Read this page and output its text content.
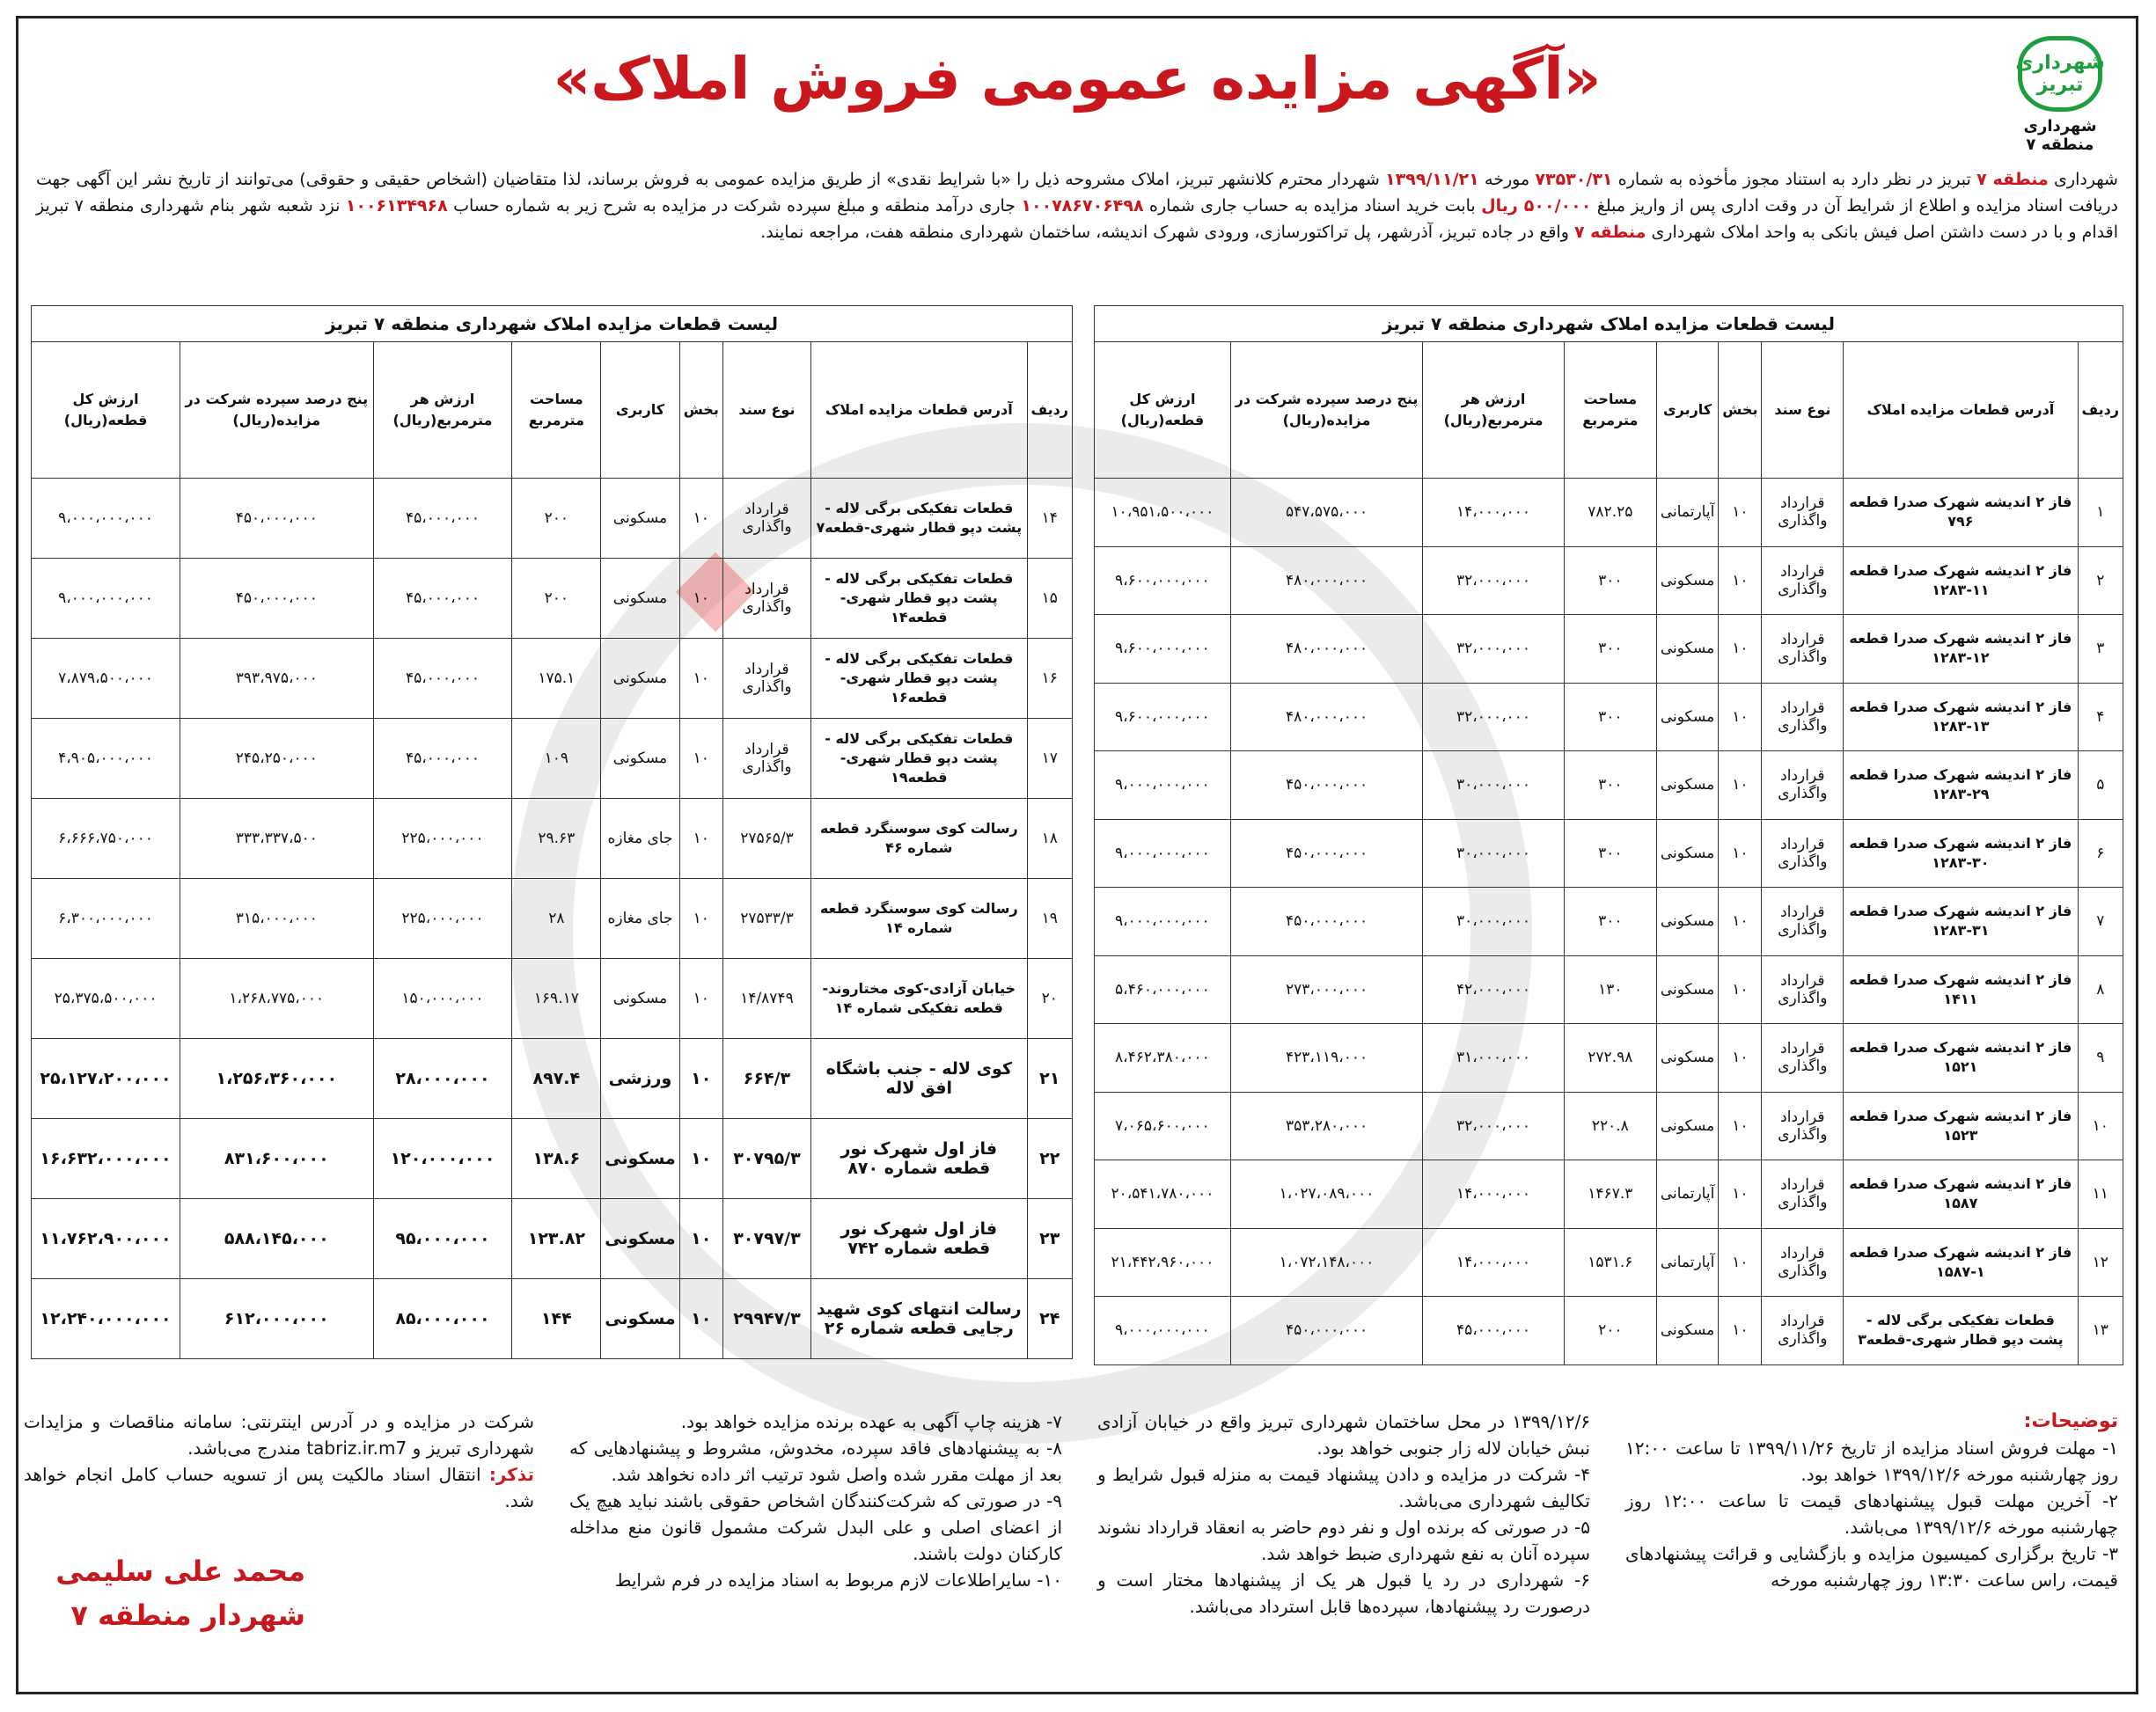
شهرداری تبریز
شهرداری منطقه ۷
«آگهی مزایده عمومی فروش املاک»
شهرداری منطقه ۷ تبریز در نظر دارد به استناد مجوز مأخوذه به شماره ۷۳۵۳۰/۳۱ مورخه ۱۳۹۹/۱۱/۲۱ شهردار محترم کلانشهر تبریز، املاک مشروحه ذیل را «با شرایط نقدی» از طریق مزایده عمومی به فروش برساند، لذا متقاضیان (اشخاص حقیقی و حقوقی) می‌توانند از تاریخ نشر این آگهی جهت دریافت اسناد مزایده و اطلاع از شرایط آن در وقت اداری پس از واریز مبلغ ۵۰۰/۰۰۰ ریال بابت خرید اسناد مزایده به حساب جاری شماره ۱۰۰۷۸۶۷۰۶۴۹۸ جاری درآمد منطقه و مبلغ سپرده شرکت در مزایده به شرح زیر به شماره حساب ۱۰۰۶۱۳۴۹۶۸ نزد شعبه شهر بنام شهرداری منطقه ۷ تبریز اقدام و با در دست داشتن اصل فیش بانکی به واحد املاک شهرداری منطقه ۷ واقع در جاده تبریز، آذرشهر، پل تراکتورسازی، ورودی شهرک اندیشه، ساختمان شهرداری منطقه هفت، مراجعه نمایند.
لیست قطعات مزایده املاک شهرداری منطقه ۷ تبریز
ردیف	آدرس قطعات مزایده املاک	نوع سند	بخش	کاربری	مساحت مترمربع	ارزش هر مترمربع(ریال)	پنج درصد سپرده شرکت در مزایده(ریال)	ارزش کل قطعه(ریال)
۱	فاز ۲ اندیشه شهرک صدرا قطعه ۷۹۶	قرارداد واگذاری	۱۰	آپارتمانی	۷۸۲.۲۵	۱۴،۰۰۰،۰۰۰	۵۴۷،۵۷۵،۰۰۰	۱۰،۹۵۱،۵۰۰،۰۰۰
۲	فاز ۲ اندیشه شهرک صدرا قطعه ۱۱-۱۲۸۳	قرارداد واگذاری	۱۰	مسکونی	۳۰۰	۳۲،۰۰۰،۰۰۰	۴۸۰،۰۰۰،۰۰۰	۹،۶۰۰،۰۰۰،۰۰۰
۳	فاز ۲ اندیشه شهرک صدرا قطعه ۱۲-۱۲۸۳	قرارداد واگذاری	۱۰	مسکونی	۳۰۰	۳۲،۰۰۰،۰۰۰	۴۸۰،۰۰۰،۰۰۰	۹،۶۰۰،۰۰۰،۰۰۰
۴	فاز ۲ اندیشه شهرک صدرا قطعه ۱۳-۱۲۸۳	قرارداد واگذاری	۱۰	مسکونی	۳۰۰	۳۲،۰۰۰،۰۰۰	۴۸۰،۰۰۰،۰۰۰	۹،۶۰۰،۰۰۰،۰۰۰
۵	فاز ۲ اندیشه شهرک صدرا قطعه ۲۹-۱۲۸۳	قرارداد واگذاری	۱۰	مسکونی	۳۰۰	۳۰،۰۰۰،۰۰۰	۴۵۰،۰۰۰،۰۰۰	۹،۰۰۰،۰۰۰،۰۰۰
۶	فاز ۲ اندیشه شهرک صدرا قطعه ۳۰-۱۲۸۳	قرارداد واگذاری	۱۰	مسکونی	۳۰۰	۳۰،۰۰۰،۰۰۰	۴۵۰،۰۰۰،۰۰۰	۹،۰۰۰،۰۰۰،۰۰۰
۷	فاز ۲ اندیشه شهرک صدرا قطعه ۳۱-۱۲۸۳	قرارداد واگذاری	۱۰	مسکونی	۳۰۰	۳۰،۰۰۰،۰۰۰	۴۵۰،۰۰۰،۰۰۰	۹،۰۰۰،۰۰۰،۰۰۰
۸	فاز ۲ اندیشه شهرک صدرا قطعه ۱۴۱۱	قرارداد واگذاری	۱۰	مسکونی	۱۳۰	۴۲،۰۰۰،۰۰۰	۲۷۳،۰۰۰،۰۰۰	۵،۴۶۰،۰۰۰،۰۰۰
۹	فاز ۲ اندیشه شهرک صدرا قطعه ۱۵۲۱	قرارداد واگذاری	۱۰	مسکونی	۲۷۲.۹۸	۳۱،۰۰۰،۰۰۰	۴۲۳،۱۱۹،۰۰۰	۸،۴۶۲،۳۸۰،۰۰۰
۱۰	فاز ۲ اندیشه شهرک صدرا قطعه ۱۵۲۳	قرارداد واگذاری	۱۰	مسکونی	۲۲۰.۸	۳۲،۰۰۰،۰۰۰	۳۵۳،۲۸۰،۰۰۰	۷،۰۶۵،۶۰۰،۰۰۰
۱۱	فاز ۲ اندیشه شهرک صدرا قطعه ۱۵۸۷	قرارداد واگذاری	۱۰	آپارتمانی	۱۴۶۷.۳	۱۴،۰۰۰،۰۰۰	۱،۰۲۷،۰۸۹،۰۰۰	۲۰،۵۴۱،۷۸۰،۰۰۰
۱۲	فاز ۲ اندیشه شهرک صدرا قطعه ۱-۱۵۸۷	قرارداد واگذاری	۱۰	آپارتمانی	۱۵۳۱.۶	۱۴،۰۰۰،۰۰۰	۱،۰۷۲،۱۴۸،۰۰۰	۲۱،۴۴۲،۹۶۰،۰۰۰
۱۳	قطعات تفکیکی برگی لاله - پشت دپو قطار شهری-قطعه۳	قرارداد واگذاری	۱۰	مسکونی	۲۰۰	۴۵،۰۰۰،۰۰۰	۴۵۰،۰۰۰،۰۰۰	۹،۰۰۰،۰۰۰،۰۰۰
لیست قطعات مزایده املاک شهرداری منطقه ۷ تبریز
ردیف	آدرس قطعات مزایده املاک	نوع سند	بخش	کاربری	مساحت مترمربع	ارزش هر مترمربع(ریال)	پنج درصد سپرده شرکت در مزایده(ریال)	ارزش کل قطعه(ریال)
۱۴	قطعات تفکیکی برگی لاله - پشت دپو قطار شهری-قطعه۷	قرارداد واگذاری	۱۰	مسکونی	۲۰۰	۴۵،۰۰۰،۰۰۰	۴۵۰،۰۰۰،۰۰۰	۹،۰۰۰،۰۰۰،۰۰۰
۱۵	قطعات تفکیکی برگی لاله - پشت دپو قطار شهری-قطعه۱۴	قرارداد واگذاری	۱۰	مسکونی	۲۰۰	۴۵،۰۰۰،۰۰۰	۴۵۰،۰۰۰،۰۰۰	۹،۰۰۰،۰۰۰،۰۰۰
۱۶	قطعات تفکیکی برگی لاله - پشت دپو قطار شهری-قطعه۱۶	قرارداد واگذاری	۱۰	مسکونی	۱۷۵.۱	۴۵،۰۰۰،۰۰۰	۳۹۳،۹۷۵،۰۰۰	۷،۸۷۹،۵۰۰،۰۰۰
۱۷	قطعات تفکیکی برگی لاله - پشت دپو قطار شهری-قطعه۱۹	قرارداد واگذاری	۱۰	مسکونی	۱۰۹	۴۵،۰۰۰،۰۰۰	۲۴۵،۲۵۰،۰۰۰	۴،۹۰۵،۰۰۰،۰۰۰
۱۸	رسالت کوی سوسنگرد قطعه شماره ۴۶	۲۷۵۶۵/۳	۱۰	جای مغازه	۲۹.۶۳	۲۲۵،۰۰۰،۰۰۰	۳۳۳،۳۳۷،۵۰۰	۶،۶۶۶،۷۵۰،۰۰۰
۱۹	رسالت کوی سوسنگرد قطعه شماره ۱۴	۲۷۵۳۳/۳	۱۰	جای مغازه	۲۸	۲۲۵،۰۰۰،۰۰۰	۳۱۵،۰۰۰،۰۰۰	۶،۳۰۰،۰۰۰،۰۰۰
۲۰	خیابان آزادی-کوی مختاروند-قطعه تفکیکی شماره ۱۴	۱۴/۸۷۴۹	۱۰	مسکونی	۱۶۹.۱۷	۱۵۰،۰۰۰،۰۰۰	۱،۲۶۸،۷۷۵،۰۰۰	۲۵،۳۷۵،۵۰۰،۰۰۰
۲۱	کوی لاله - جنب باشگاه افق لاله	۶۶۴/۳	۱۰	ورزشی	۸۹۷.۴	۲۸،۰۰۰،۰۰۰	۱،۲۵۶،۳۶۰،۰۰۰	۲۵،۱۲۷،۲۰۰،۰۰۰
۲۲	فاز اول شهرک نور قطعه شماره ۸۷۰	۳۰۷۹۵/۳	۱۰	مسکونی	۱۳۸.۶	۱۲۰،۰۰۰،۰۰۰	۸۳۱،۶۰۰،۰۰۰	۱۶،۶۳۲،۰۰۰،۰۰۰
۲۳	فاز اول شهرک نور قطعه شماره ۷۴۲	۳۰۷۹۷/۳	۱۰	مسکونی	۱۲۳.۸۲	۹۵،۰۰۰،۰۰۰	۵۸۸،۱۴۵،۰۰۰	۱۱،۷۶۲،۹۰۰،۰۰۰
۲۴	رسالت انتهای کوی شهید رجایی قطعه شماره ۲۶	۲۹۹۴۷/۳	۱۰	مسکونی	۱۴۴	۸۵،۰۰۰،۰۰۰	۶۱۲،۰۰۰،۰۰۰	۱۲،۲۴۰،۰۰۰،۰۰۰

توضیحات:

۱- مهلت فروش اسناد مزایده از تاریخ ۱۳۹۹/۱۱/۲۶ تا ساعت ۱۲:۰۰ روز چهارشنبه مورخه ۱۳۹۹/۱۲/۶ خواهد بود.

۲- آخرین مهلت قبول پیشنهادهای قیمت تا ساعت ۱۲:۰۰ روز چهارشنبه مورخه ۱۳۹۹/۱۲/۶ می‌باشد.

۳- تاریخ برگزاری کمیسیون مزایده و بازگشایی و قرائت پیشنهادهای قیمت، راس ساعت ۱۳:۳۰ روز چهارشنبه مورخه

۱۳۹۹/۱۲/۶ در محل ساختمان شهرداری تبریز واقع در خیابان آزادی نبش خیابان لاله زار جنوبی خواهد بود.

۴- شرکت در مزایده و دادن پیشنهاد قیمت به منزله قبول شرایط و تکالیف شهرداری می‌باشد.

۵- در صورتی که برنده اول و نفر دوم حاضر به انعقاد قرارداد نشوند سپرده آنان به نفع شهرداری ضبط خواهد شد.

۶- شهرداری در رد یا قبول هر یک از پیشنهادها مختار است و درصورت رد پیشنهادها، سپرده‌ها قابل استرداد می‌باشد.

۷- هزینه چاپ آگهی به عهده برنده مزایده خواهد بود.

۸- به پیشنهادهای فاقد سپرده، مخدوش، مشروط و پیشنهادهایی که بعد از مهلت مقرر شده واصل شود ترتیب اثر داده نخواهد شد.

۹- در صورتی که شرکت‌کنندگان اشخاص حقوقی باشند نباید هیچ یک از اعضای اصلی و علی البدل شرکت مشمول قانون منع مداخله کارکنان دولت باشند.

۱۰- سایراطلاعات لازم مربوط به اسناد مزایده در فرم شرایط

شرکت در مزایده و در آدرس اینترنتی: سامانه مناقصات و مزایدات شهرداری تبریز و tabriz.ir.m7 مندرج می‌باشد.

تذکر: انتقال اسناد مالکیت پس از تسویه حساب کامل انجام خواهد شد.

محمد علی سلیمی
شهردار منطقه ۷
